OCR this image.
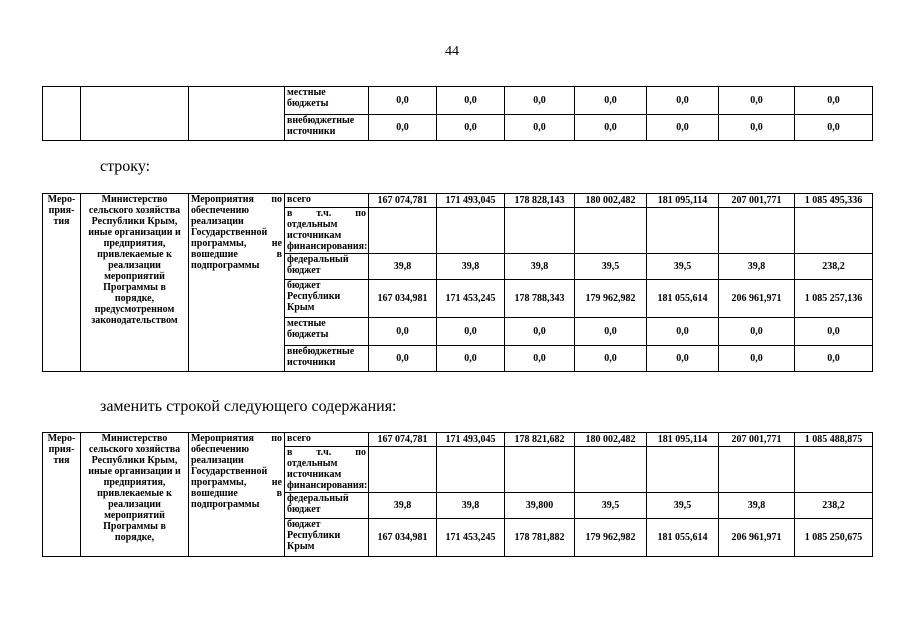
44
			местные бюджеты	0,0	0,0	0,0	0,0	0,0	0,0	0,0
			внебюджетные источники	0,0	0,0	0,0	0,0	0,0	0,0	0,0
строку:
Меро-прия-тия	Министерство сельского хозяйства Республики Крым, иные организации и предприятия, привлекаемые к реализации мероприятий Программы в порядке, предусмотренном законодательством	Мероприятия по обеспечению реализации Государственной программы, не вошедшие в подпрограммы	всего	167 074,781	171 493,045	178 828,143	180 002,482	181 095,114	207 001,771	1 085 495,336
			в т.ч. по отдельным источникам финансирования:							
			федеральный бюджет	39,8	39,8	39,8	39,5	39,5	39,8	238,2
			бюджет Республики Крым	167 034,981	171 453,245	178 788,343	179 962,982	181 055,614	206 961,971	1 085 257,136
			местные бюджеты	0,0	0,0	0,0	0,0	0,0	0,0	0,0
			внебюджетные источники	0,0	0,0	0,0	0,0	0,0	0,0	0,0
заменить строкой следующего содержания:
Меро-прия-тия	Министерство сельского хозяйства Республики Крым, иные организации и предприятия, привлекаемые к реализации мероприятий Программы в порядке,	Мероприятия по обеспечению реализации Государственной программы, не вошедшие в подпрограммы	всего	167 074,781	171 493,045	178 821,682	180 002,482	181 095,114	207 001,771	1 085 488,875
			в т.ч. по отдельным источникам финансирования:							
			федеральный бюджет	39,8	39,8	39,800	39,5	39,5	39,8	238,2
			бюджет Республики Крым	167 034,981	171 453,245	178 781,882	179 962,982	181 055,614	206 961,971	1 085 250,675
